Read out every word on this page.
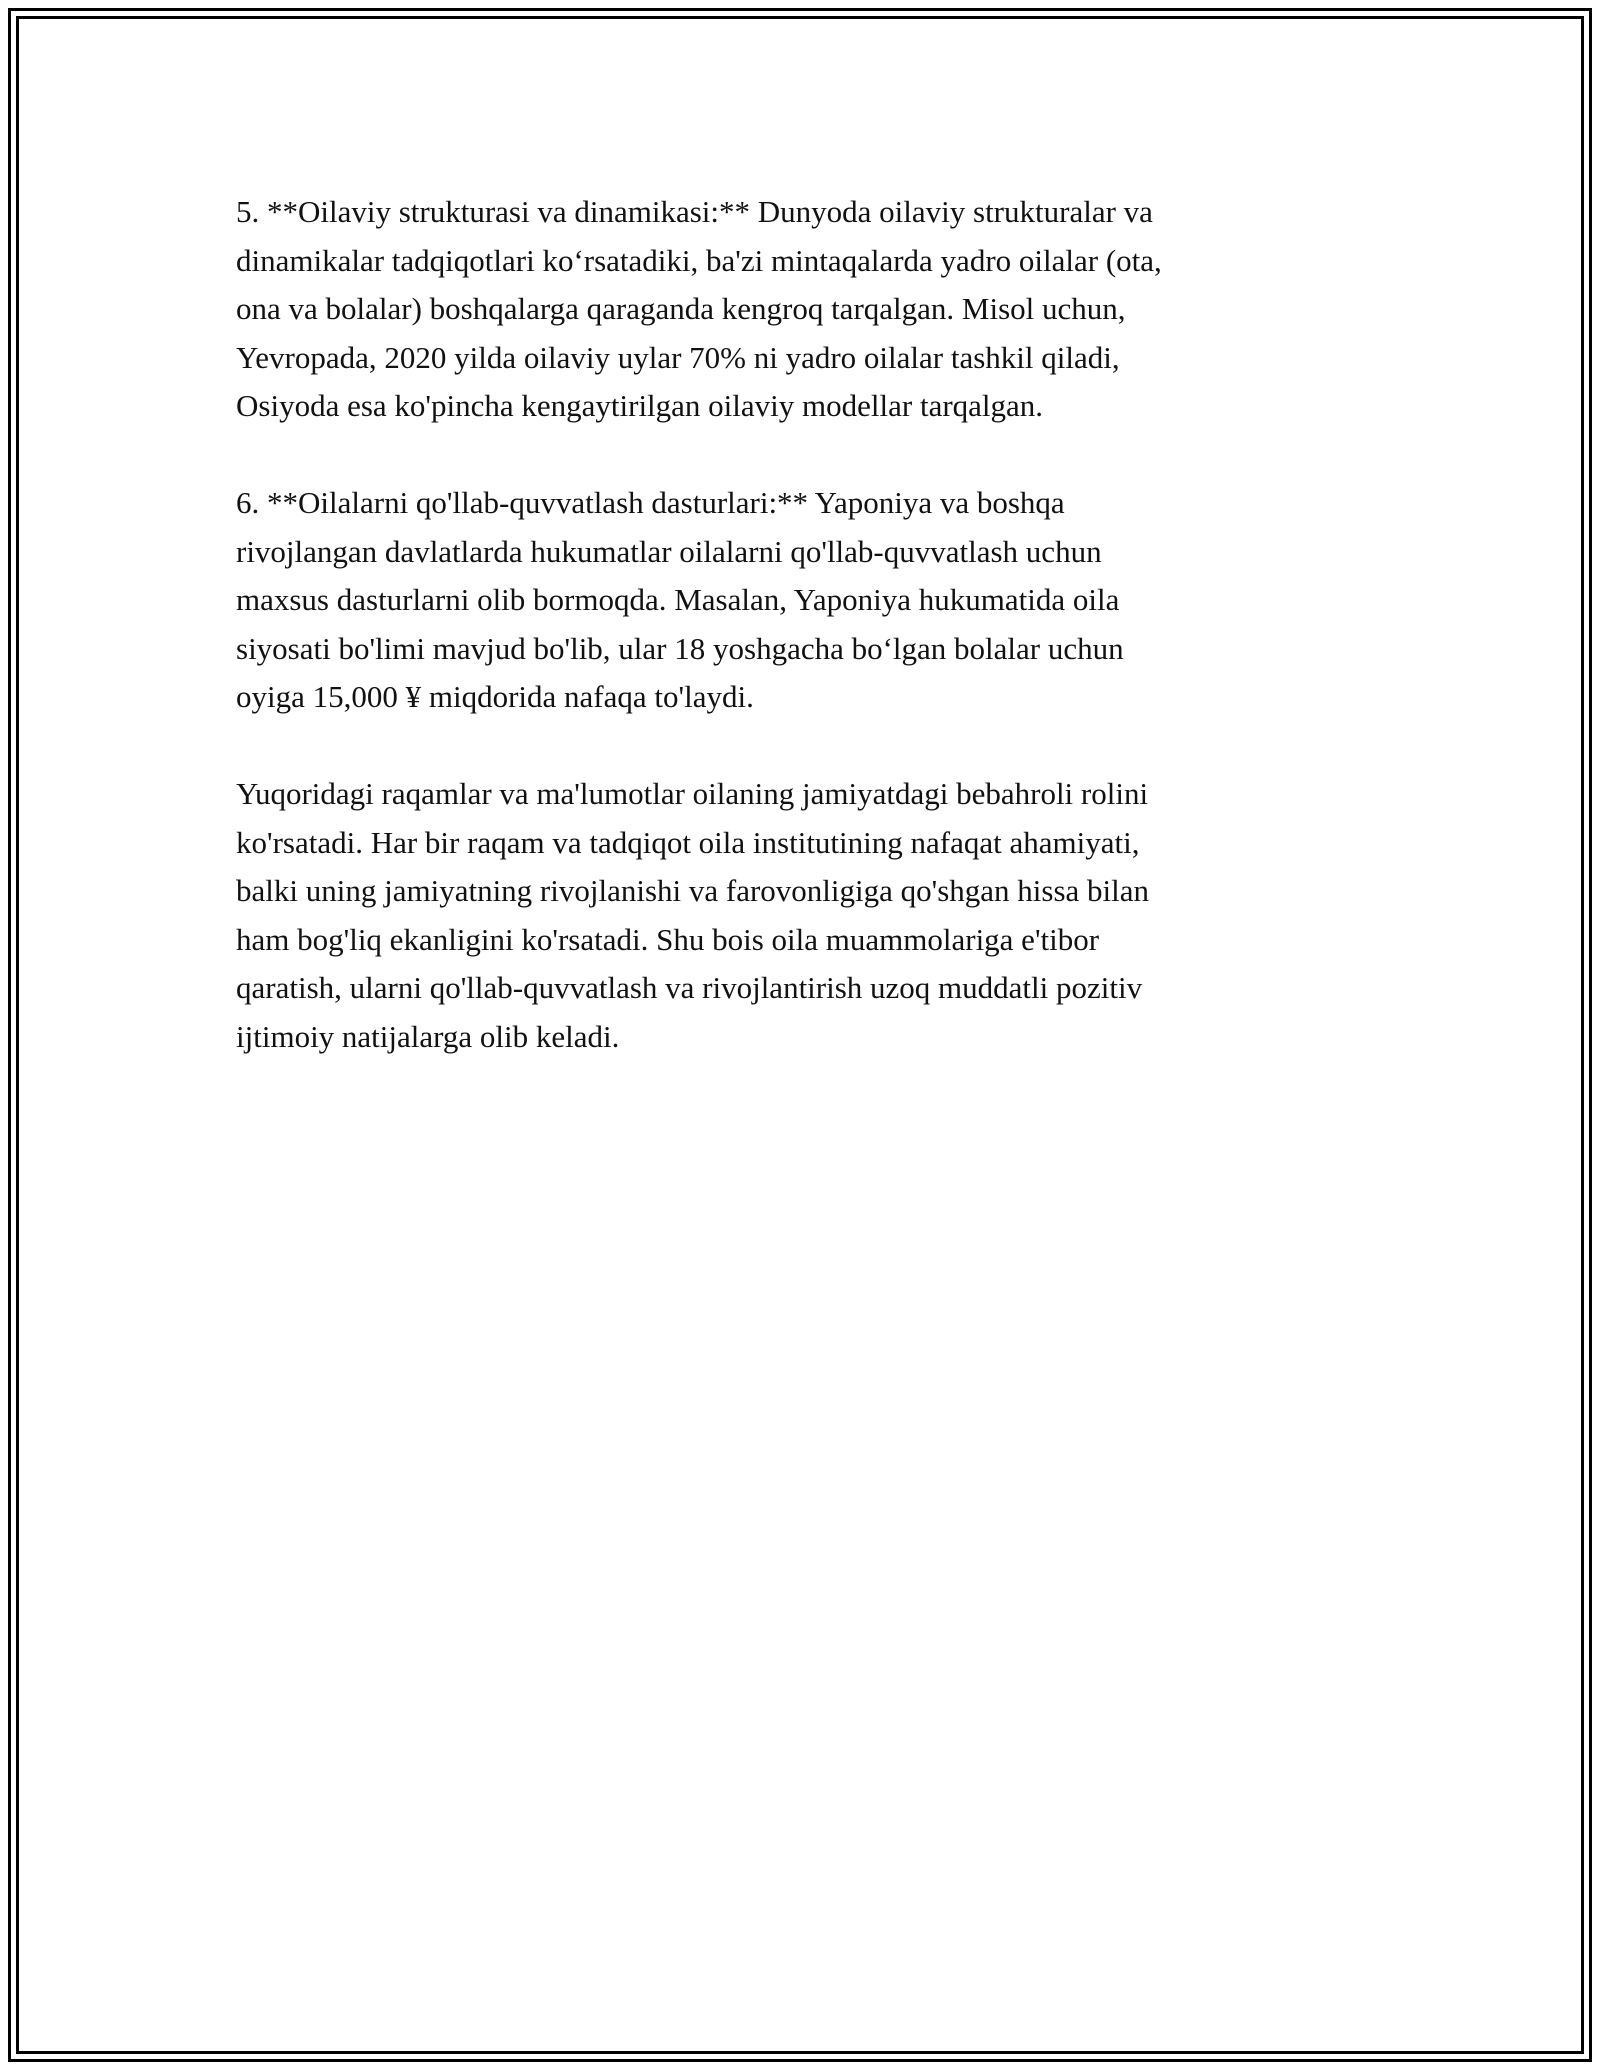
5. **Oilaviy strukturasi va dinamikasi:** Dunyoda oilaviy strukturalar va
dinamikalar tadqiqotlari ko‘rsatadiki, ba'zi mintaqalarda yadro oilalar (ota,
ona va bolalar) boshqalarga qaraganda kengroq tarqalgan. Misol uchun,
Yevropada, 2020 yilda oilaviy uylar 70% ni yadro oilalar tashkil qiladi,
Osiyoda esa ko'pincha kengaytirilgan oilaviy modellar tarqalgan.

6. **Oilalarni qo'llab-quvvatlash dasturlari:** Yaponiya va boshqa
rivojlangan davlatlarda hukumatlar oilalarni qo'llab-quvvatlash uchun
maxsus dasturlarni olib bormoqda. Masalan, Yaponiya hukumatida oila
siyosati bo'limi mavjud bo'lib, ular 18 yoshgacha bo‘lgan bolalar uchun
oyiga 15,000 ¥ miqdorida nafaqa to'laydi.

Yuqoridagi raqamlar va ma'lumotlar oilaning jamiyatdagi bebahroli rolini
ko'rsatadi. Har bir raqam va tadqiqot oila institutining nafaqat ahamiyati,
balki uning jamiyatning rivojlanishi va farovonligiga qo'shgan hissa bilan
ham bog'liq ekanligini ko'rsatadi. Shu bois oila muammolariga e'tibor
qaratish, ularni qo'llab-quvvatlash va rivojlantirish uzoq muddatli pozitiv
ijtimoiy natijalarga olib keladi.
